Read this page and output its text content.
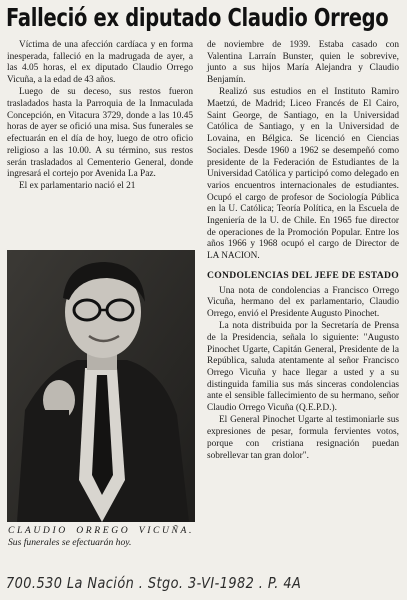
Falleció ex diputado Claudio Orrego

Víctima de una afección cardíaca y en forma inesperada, falleció en la madrugada de ayer, a las 4.05 horas, el ex diputado Claudio Orrego Vicuña, a la edad de 43 años.

Luego de su deceso, sus restos fueron trasladados hasta la Parroquia de la Inmaculada Concepción, en Vitacura 3729, donde a las 10.45 horas de ayer se ofició una misa. Sus funerales se efectuarán en el día de hoy, luego de otro oficio religioso a las 10.00. A su término, sus restos serán trasladados al Cementerio General, donde ingresará el cortejo por Avenida La Paz.

El ex parlamentario nació el 21

CLAUDIO ORREGO VICUÑA. Sus funerales se efectuarán hoy.

de noviembre de 1939. Estaba casado con Valentina Larraín Bunster, quien le sobrevive, junto a sus hijos María Alejandra y Claudio Benjamín.

Realizó sus estudios en el Instituto Ramiro Maetzú, de Madrid; Liceo Francés de El Cairo, Saint George, de Santiago, en la Universidad Católica de Santiago, y en la Universidad de Lovaina, en Bélgica. Se licenció en Ciencias Sociales. Desde 1960 a 1962 se desempeñó como presidente de la Federación de Estudiantes de la Universidad Católica y participó como delegado en varios encuentros internacionales de estudiantes. Ocupó el cargo de profesor de Sociología Pública en la U. Católica; Teoría Política, en la Escuela de Ingeniería de la U. de Chile. En 1965 fue director de operaciones de la Promoción Popular. Entre los años 1966 y 1968 ocupó el cargo de Director de LA NACION.

CONDOLENCIAS DEL JEFE DE ESTADO

Una nota de condolencias a Francisco Orrego Vicuña, hermano del ex parlamentario, Claudio Orrego, envió el Presidente Augusto Pinochet.

La nota distribuida por la Secretaría de Prensa de la Presidencia, señala lo siguiente: "Augusto Pinochet Ugarte, Capitán General, Presidente de la República, saluda atentamente al señor Francisco Orrego Vicuña y hace llegar a usted y a su distinguida familia sus más sinceras condolencias ante el sensible fallecimiento de su hermano, señor Claudio Orrego Vicuña (Q.E.P.D.).

El General Pinochet Ugarte al testimoniarle sus expresiones de pesar, formula fervientes votos, porque con cristiana resignación puedan sobrellevar tan gran dolor".

700.530 La Nación . Stgo. 3-VI-1982 . P. 4A
